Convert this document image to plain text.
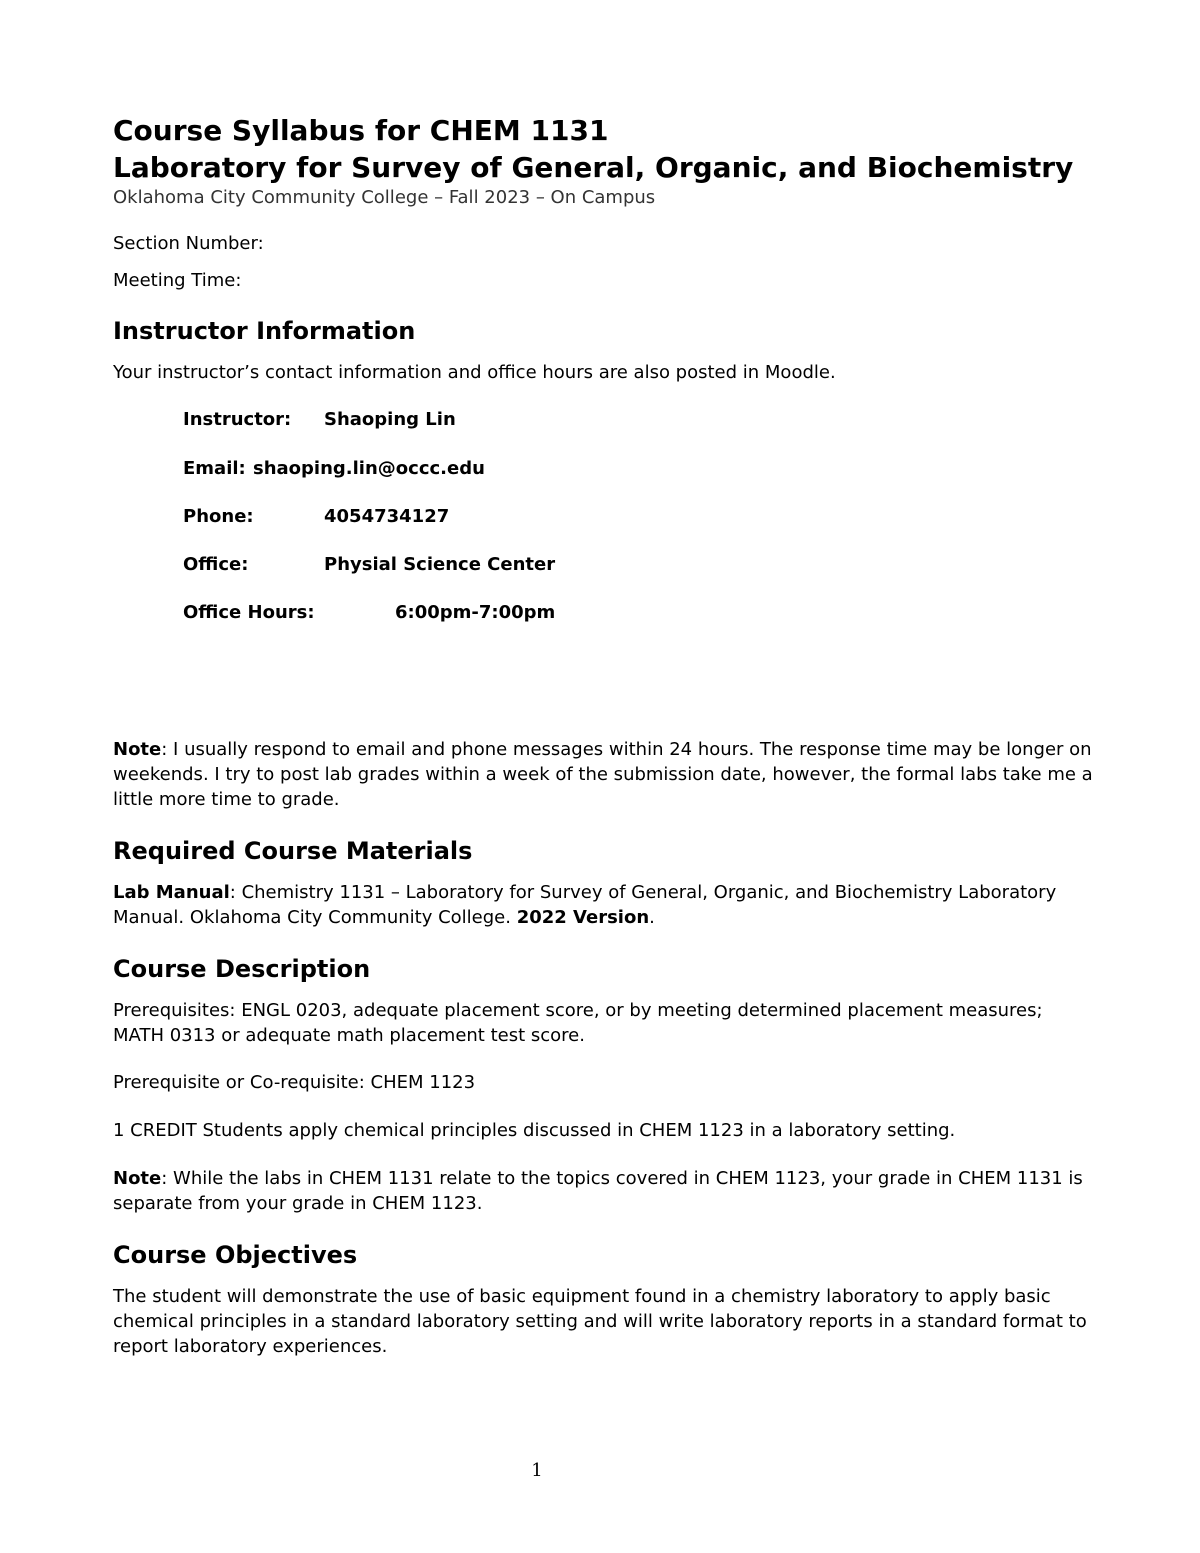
Course Syllabus for CHEM 1131
Laboratory for Survey of General, Organic, and Biochemistry
Oklahoma City Community College – Fall 2023 – On Campus
Section Number:
Meeting Time:
Instructor Information

Your instructor’s contact information and office hours are also posted in Moodle.

Instructor: Shaoping Lin
Email: shaoping.lin@occc.edu
Phone:	4054734127
Office:	Physial Science Center
Office Hours:	6:00pm-7:00pm

Note: I usually respond to email and phone messages within 24 hours. The response time may be longer on weekends. I try to post lab grades within a week of the submission date, however, the formal labs take me a little more time to grade.

Required Course Materials

Lab Manual: Chemistry 1131 – Laboratory for Survey of General, Organic, and Biochemistry Laboratory Manual. Oklahoma City Community College. 2022 Version.

Course Description

Prerequisites: ENGL 0203, adequate placement score, or by meeting determined placement measures; MATH 0313 or adequate math placement test score.

Prerequisite or Co-requisite: CHEM 1123

1 CREDIT Students apply chemical principles discussed in CHEM 1123 in a laboratory setting.

Note: While the labs in CHEM 1131 relate to the topics covered in CHEM 1123, your grade in CHEM 1131 is separate from your grade in CHEM 1123.

Course Objectives

The student will demonstrate the use of basic equipment found in a chemistry laboratory to apply basic chemical principles in a standard laboratory setting and will write laboratory reports in a standard format to report laboratory experiences.

1
